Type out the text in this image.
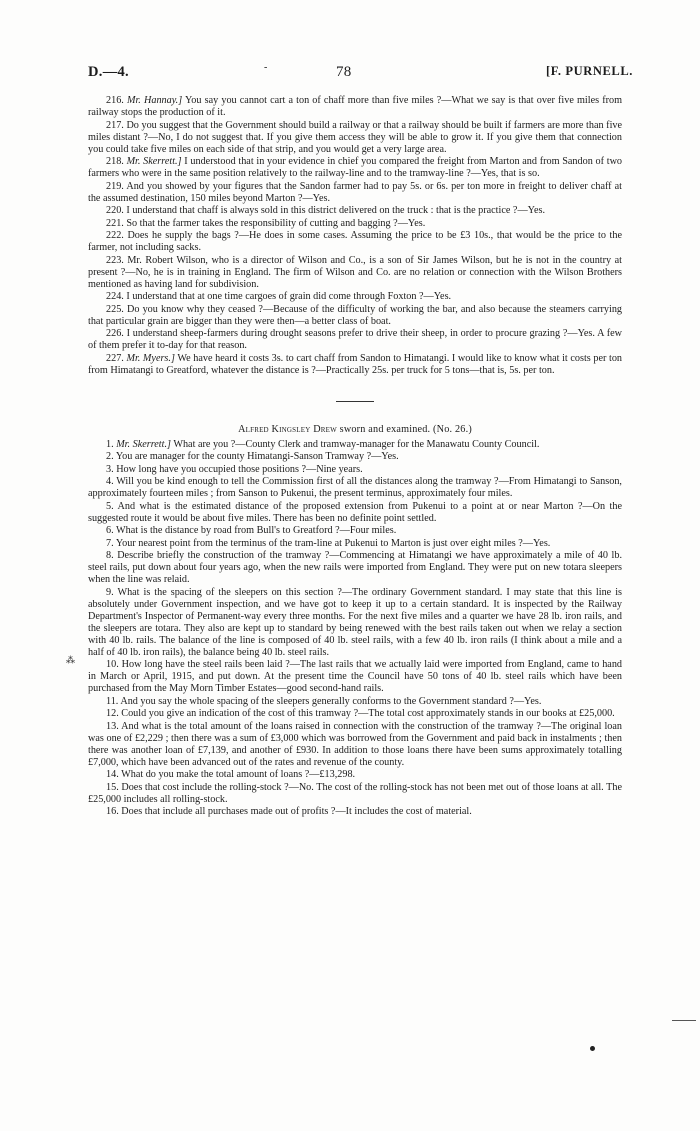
D.—4.	-	78	[F. PURNELL.

216. Mr. Hannay.] You say you cannot cart a ton of chaff more than five miles ?—What we say is that over five miles from railway stops the production of it.

217. Do you suggest that the Government should build a railway or that a railway should be built if farmers are more than five miles distant ?—No, I do not suggest that. If you give them access they will be able to grow it. If you give them that connection you could take five miles on each side of that strip, and you would get a very large area.

218. Mr. Skerrett.] I understood that in your evidence in chief you compared the freight from Marton and from Sandon of two farmers who were in the same position relatively to the railway-line and to the tramway-line ?—Yes, that is so.

219. And you showed by your figures that the Sandon farmer had to pay 5s. or 6s. per ton more in freight to deliver chaff at the assumed destination, 150 miles beyond Marton ?—Yes.

220. I understand that chaff is always sold in this district delivered on the truck : that is the practice ?—Yes.

221. So that the farmer takes the responsibility of cutting and bagging ?—Yes.

222. Does he supply the bags ?—He does in some cases. Assuming the price to be £3 10s., that would be the price to the farmer, not including sacks.

223. Mr. Robert Wilson, who is a director of Wilson and Co., is a son of Sir James Wilson, but he is not in the country at present ?—No, he is in training in England. The firm of Wilson and Co. are no relation or connection with the Wilson Brothers mentioned as having land for subdivision.

224. I understand that at one time cargoes of grain did come through Foxton ?—Yes.

225. Do you know why they ceased ?—Because of the difficulty of working the bar, and also because the steamers carrying that particular grain are bigger than they were then—a better class of boat.

226. I understand sheep-farmers during drought seasons prefer to drive their sheep, in order to procure grazing ?—Yes. A few of them prefer it to-day for that reason.

227. Mr. Myers.] We have heard it costs 3s. to cart chaff from Sandon to Himatangi. I would like to know what it costs per ton from Himatangi to Greatford, whatever the distance is ?—Practically 25s. per truck for 5 tons—that is, 5s. per ton.

Alfred Kingsley Drew sworn and examined. (No. 26.)

1. Mr. Skerrett.] What are you ?—County Clerk and tramway-manager for the Manawatu County Council.

2. You are manager for the county Himatangi-Sanson Tramway ?—Yes.

3. How long have you occupied those positions ?—Nine years.

4. Will you be kind enough to tell the Commission first of all the distances along the tramway ?—From Himatangi to Sanson, approximately fourteen miles ; from Sanson to Pukenui, the present terminus, approximately four miles.

5. And what is the estimated distance of the proposed extension from Pukenui to a point at or near Marton ?—On the suggested route it would be about five miles. There has been no definite point settled.

6. What is the distance by road from Bull's to Greatford ?—Four miles.

7. Your nearest point from the terminus of the tram-line at Pukenui to Marton is just over eight miles ?—Yes.

8. Describe briefly the construction of the tramway ?—Commencing at Himatangi we have approximately a mile of 40 lb. steel rails, put down about four years ago, when the new rails were imported from England. They were put on new totara sleepers when the line was relaid.

9. What is the spacing of the sleepers on this section ?—The ordinary Government standard. I may state that this line is absolutely under Government inspection, and we have got to keep it up to a certain standard. It is inspected by the Railway Department's Inspector of Permanent-way every three months. For the next five miles and a quarter we have 28 lb. iron rails, and the sleepers are totara. They also are kept up to standard by being renewed with the best rails taken out when we relay a section with 40 lb. rails. The balance of the line is composed of 40 lb. steel rails, with a few 40 lb. iron rails (I think about a mile and a half of 40 lb. iron rails), the balance being 40 lb. steel rails.

10. How long have the steel rails been laid ?—The last rails that we actually laid were imported from England, came to hand in March or April, 1915, and put down. At the present time the Council have 50 tons of 40 lb. steel rails which have been purchased from the May Morn Timber Estates—good second-hand rails.

11. And you say the whole spacing of the sleepers generally conforms to the Government standard ?—Yes.

12. Could you give an indication of the cost of this tramway ?—The total cost approximately stands in our books at £25,000.

13. And what is the total amount of the loans raised in connection with the construction of the tramway ?—The original loan was one of £2,229 ; then there was a sum of £3,000 which was borrowed from the Government and paid back in instalments ; then there was another loan of £7,139, and another of £930. In addition to those loans there have been sums approximately totalling £7,000, which have been advanced out of the rates and revenue of the county.

14. What do you make the total amount of loans ?—£13,298.

15. Does that cost include the rolling-stock ?—No. The cost of the rolling-stock has not been met out of those loans at all. The £25,000 includes all rolling-stock.

16. Does that include all purchases made out of profits ?—It includes the cost of material.

⁂
